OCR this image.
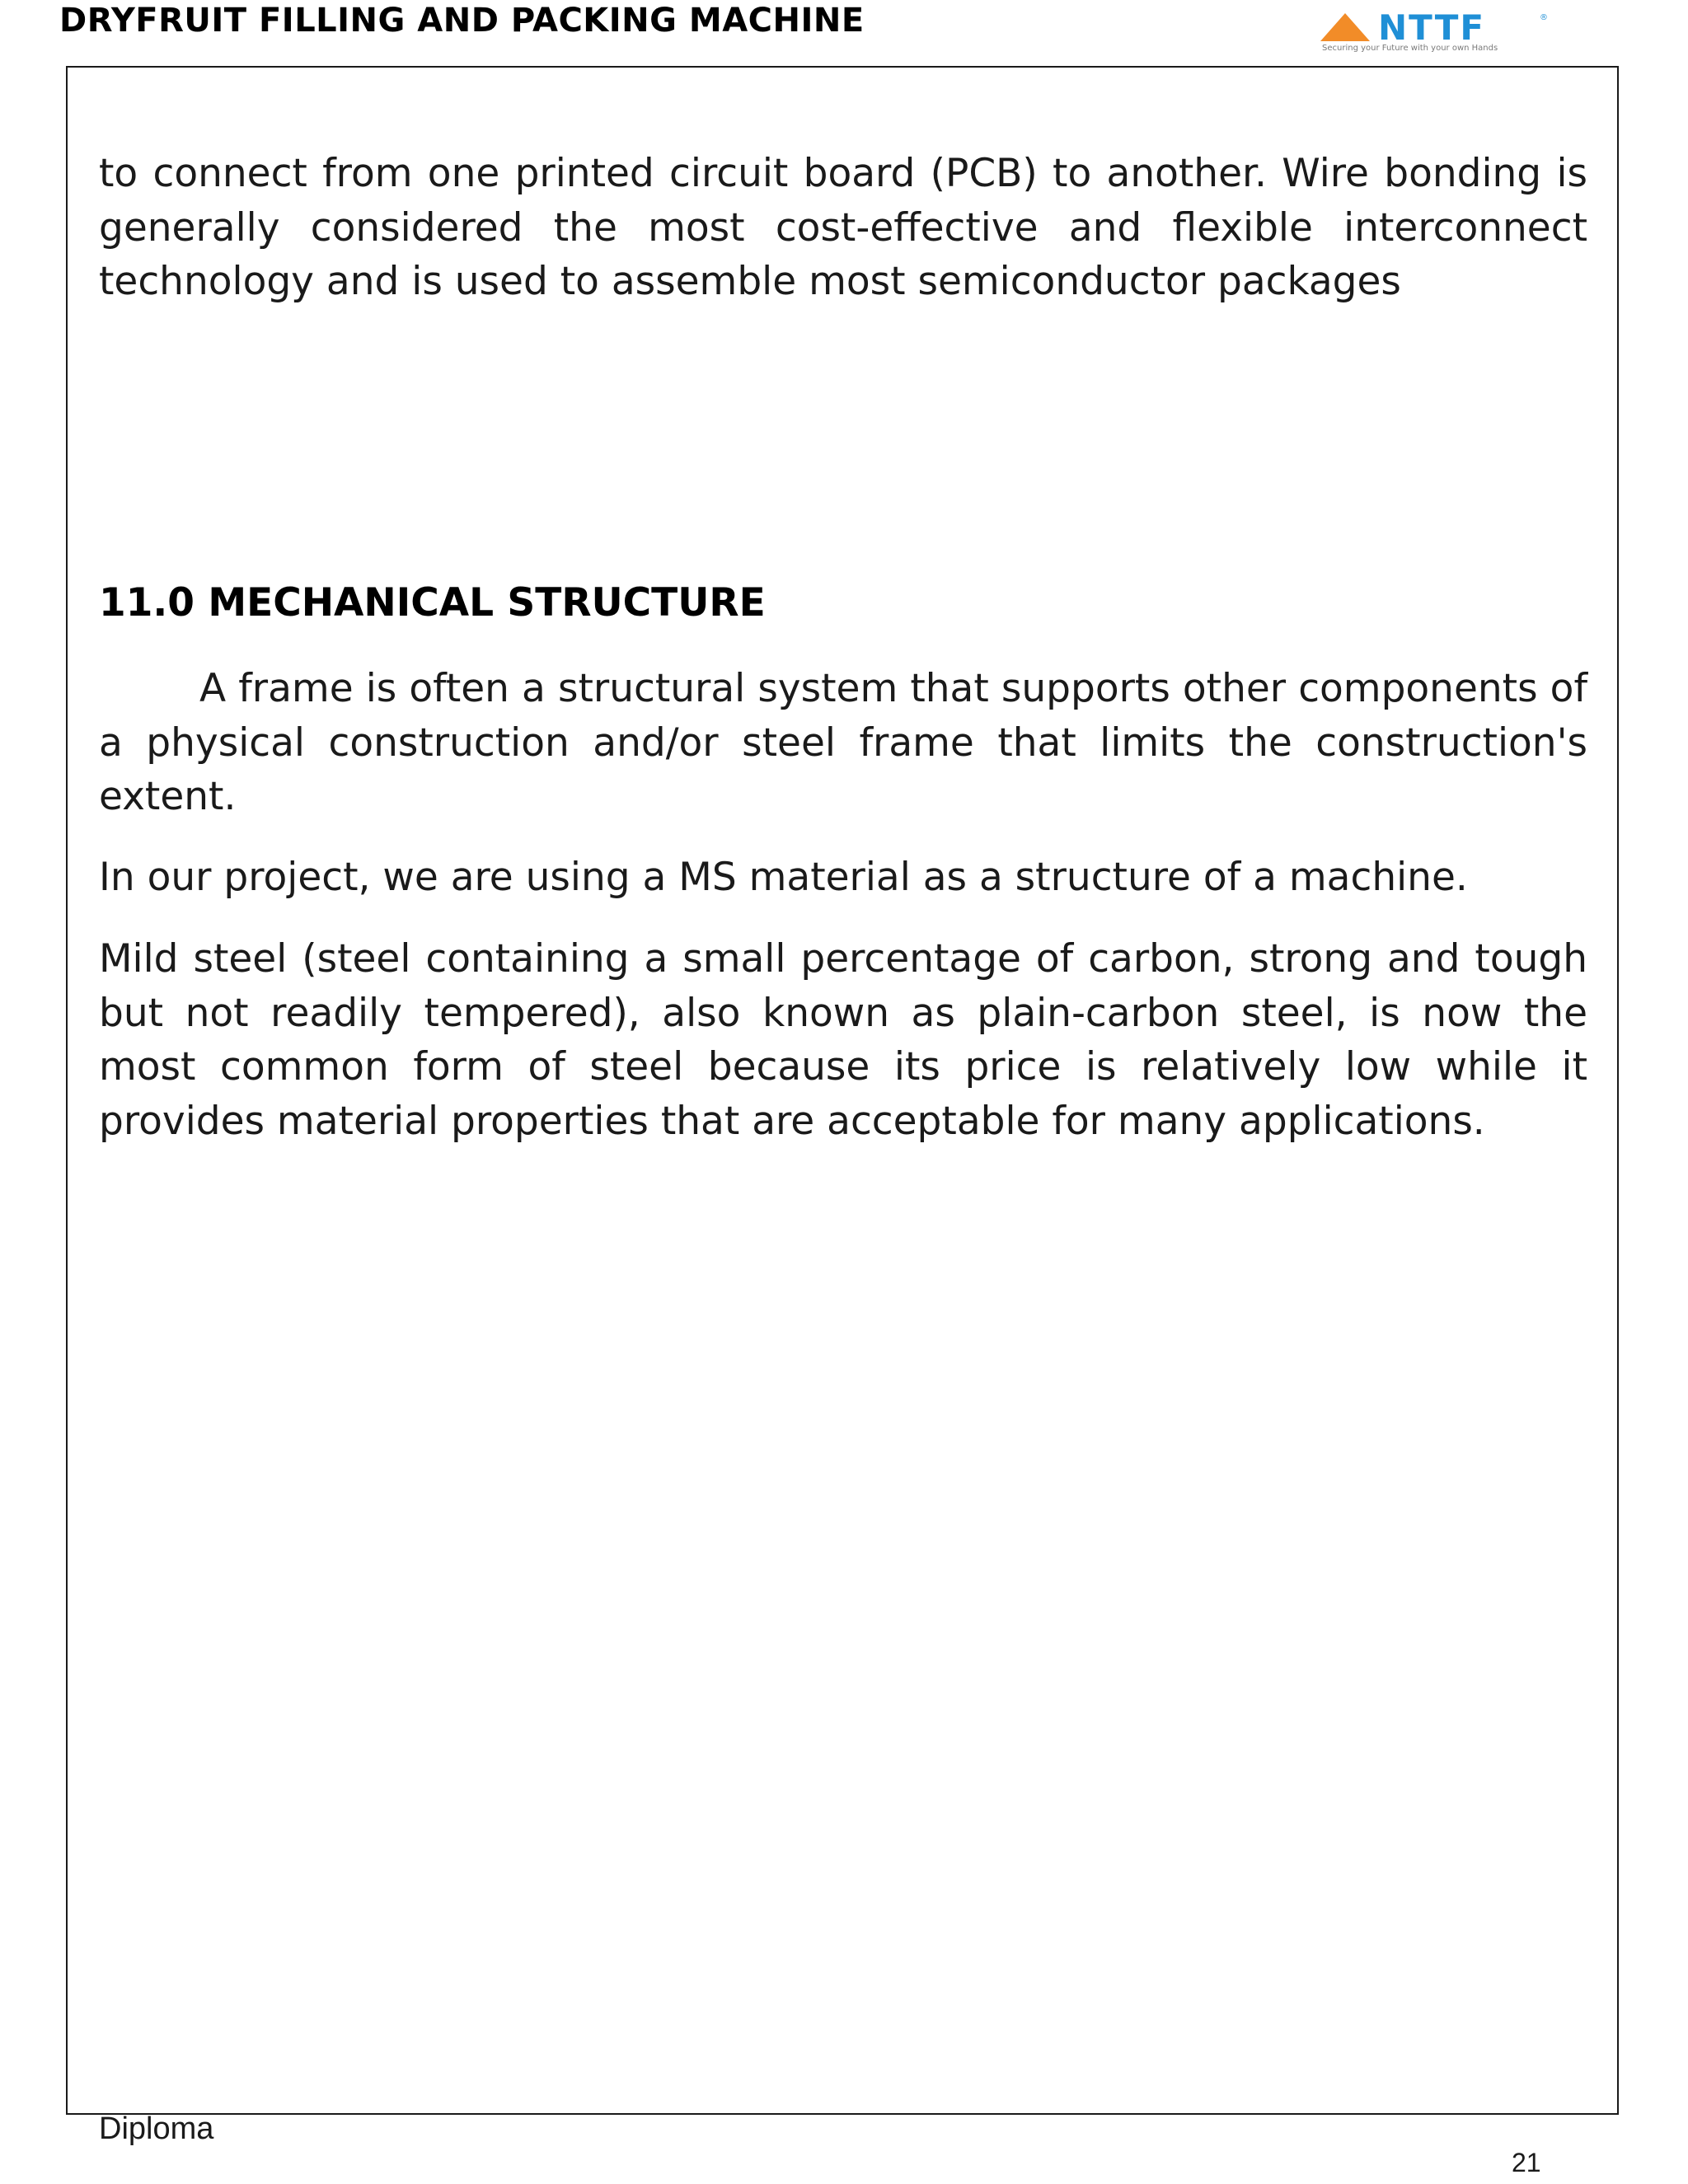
DRYFRUIT FILLING AND PACKING MACHINE	NTTF	®
Securing your Future with your own Hands

to connect from one printed circuit board (PCB) to another. Wire bonding is generally considered the most cost-effective and flexible interconnect technology and is used to assemble most semiconductor packages

11.0 MECHANICAL STRUCTURE

A frame is often a structural system that supports other components of a physical construction and/or steel frame that limits the construction's extent.

In our project, we are using a MS material as a structure of a machine.

Mild steel (steel containing a small percentage of carbon, strong and tough but not readily tempered), also known as plain-carbon steel, is now the most common form of steel because its price is relatively low while it provides material properties that are acceptable for many applications.

Diploma
21
